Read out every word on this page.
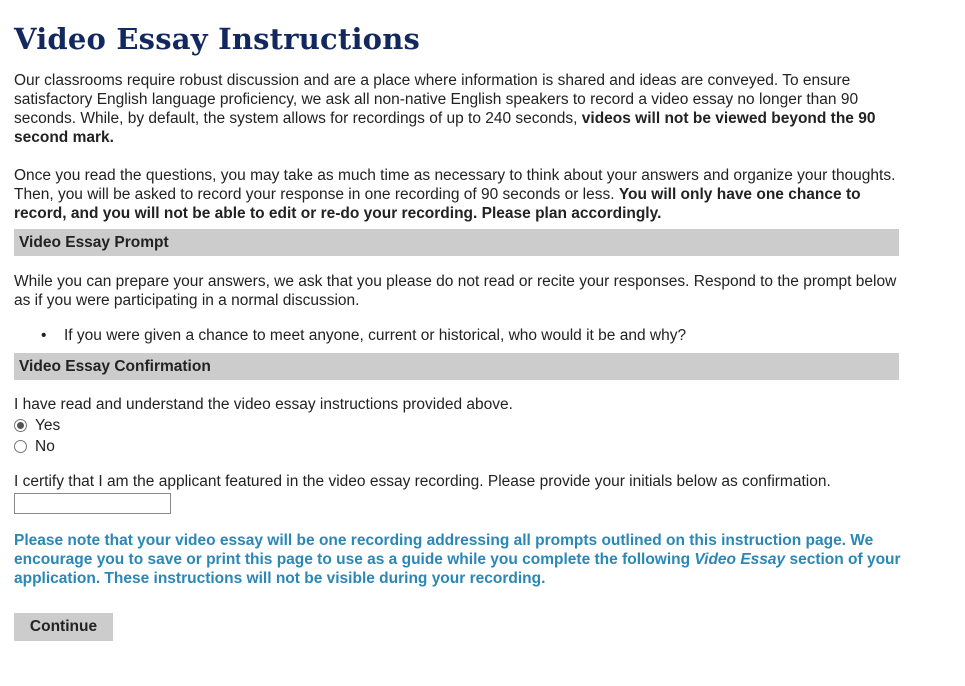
Video Essay Instructions

Our classrooms require robust discussion and are a place where information is shared and ideas are conveyed. To ensure satisfactory English language proficiency, we ask all non-native English speakers to record a video essay no longer than 90 seconds. While, by default, the system allows for recordings of up to 240 seconds, videos will not be viewed beyond the 90 second mark.

Once you read the questions, you may take as much time as necessary to think about your answers and organize your thoughts. Then, you will be asked to record your response in one recording of 90 seconds or less. You will only have one chance to record, and you will not be able to edit or re-do your recording. Please plan accordingly.

Video Essay Prompt

While you can prepare your answers, we ask that you please do not read or recite your responses. Respond to the prompt below as if you were participating in a normal discussion.

• If you were given a chance to meet anyone, current or historical, who would it be and why?
Video Essay Confirmation

I have read and understand the video essay instructions provided above.

Yes
No

I certify that I am the applicant featured in the video essay recording. Please provide your initials below as confirmation.

Please note that your video essay will be one recording addressing all prompts outlined on this instruction page. We encourage you to save or print this page to use as a guide while you complete the following Video Essay section of your application. These instructions will not be visible during your recording.

Continue
